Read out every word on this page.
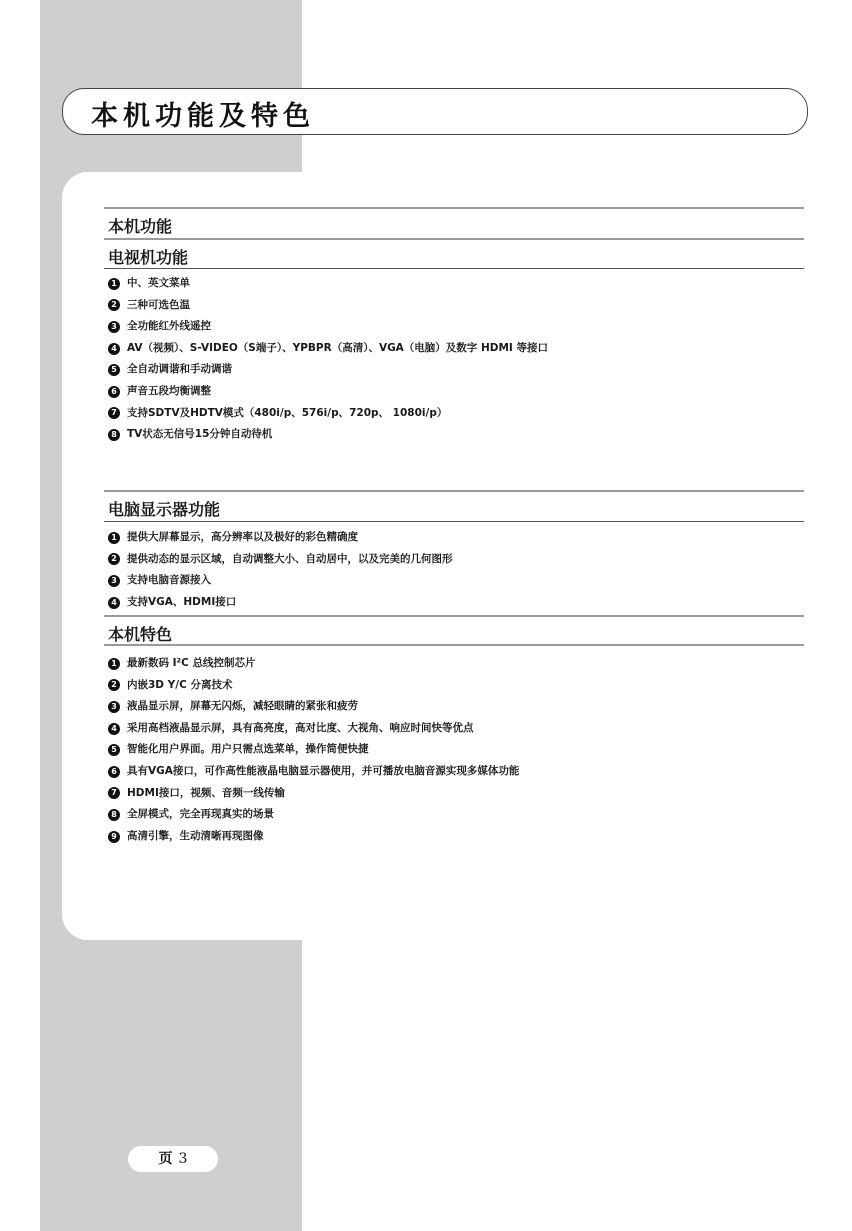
本机功能及特色
本机功能
电视机功能
1 中、英文菜单
2 三种可选色温
3 全功能红外线遥控
4 AV（视频）、S-VIDEO（S端子）、YPBPR（高清）、VGA（电脑）及数字 HDMI 等接口
5 全自动调谐和手动调谐
6 声音五段均衡调整
7 支持SDTV及HDTV模式（480i/p、576i/p、720p、 1080i/p）
8 TV状态无信号15分钟自动待机
电脑显示器功能
1 提供大屏幕显示，高分辨率以及极好的彩色精确度
2 提供动态的显示区域，自动调整大小、自动居中，以及完美的几何图形
3 支持电脑音源接入
4 支持VGA、HDMI接口
本机特色
1 最新数码 I²C 总线控制芯片
2 内嵌3D Y/C 分离技术
3 液晶显示屏，屏幕无闪烁，减轻眼睛的紧张和疲劳
4 采用高档液晶显示屏，具有高亮度，高对比度、大视角、响应时间快等优点
5 智能化用户界面。用户只需点选菜单，操作简便快捷
6 具有VGA接口，可作高性能液晶电脑显示器使用，并可播放电脑音源实现多媒体功能
7 HDMI接口，视频、音频一线传输
8 全屏模式，完全再现真实的场景
9 高清引擎，生动清晰再现图像
页 3
